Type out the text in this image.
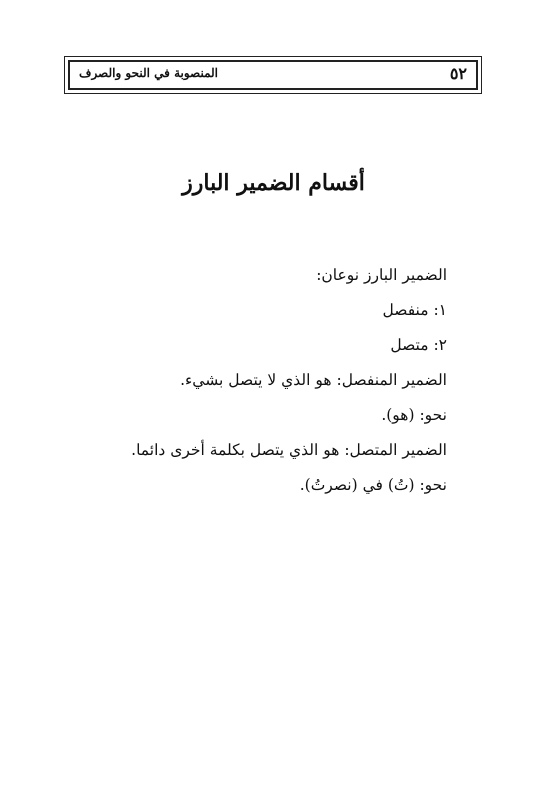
المنصوبة في النحو والصرف	٥٢
أقسام الضمير البارز
الضمير البارز نوعان:
١: منفصل
٢: متصل
الضمير المنفصل: هو الذي لا يتصل بشيء.
نحو: (هو).
الضمير المتصل: هو الذي يتصل بكلمة أخرى دائما.
نحو: (تُ) في (نصرتُ).
